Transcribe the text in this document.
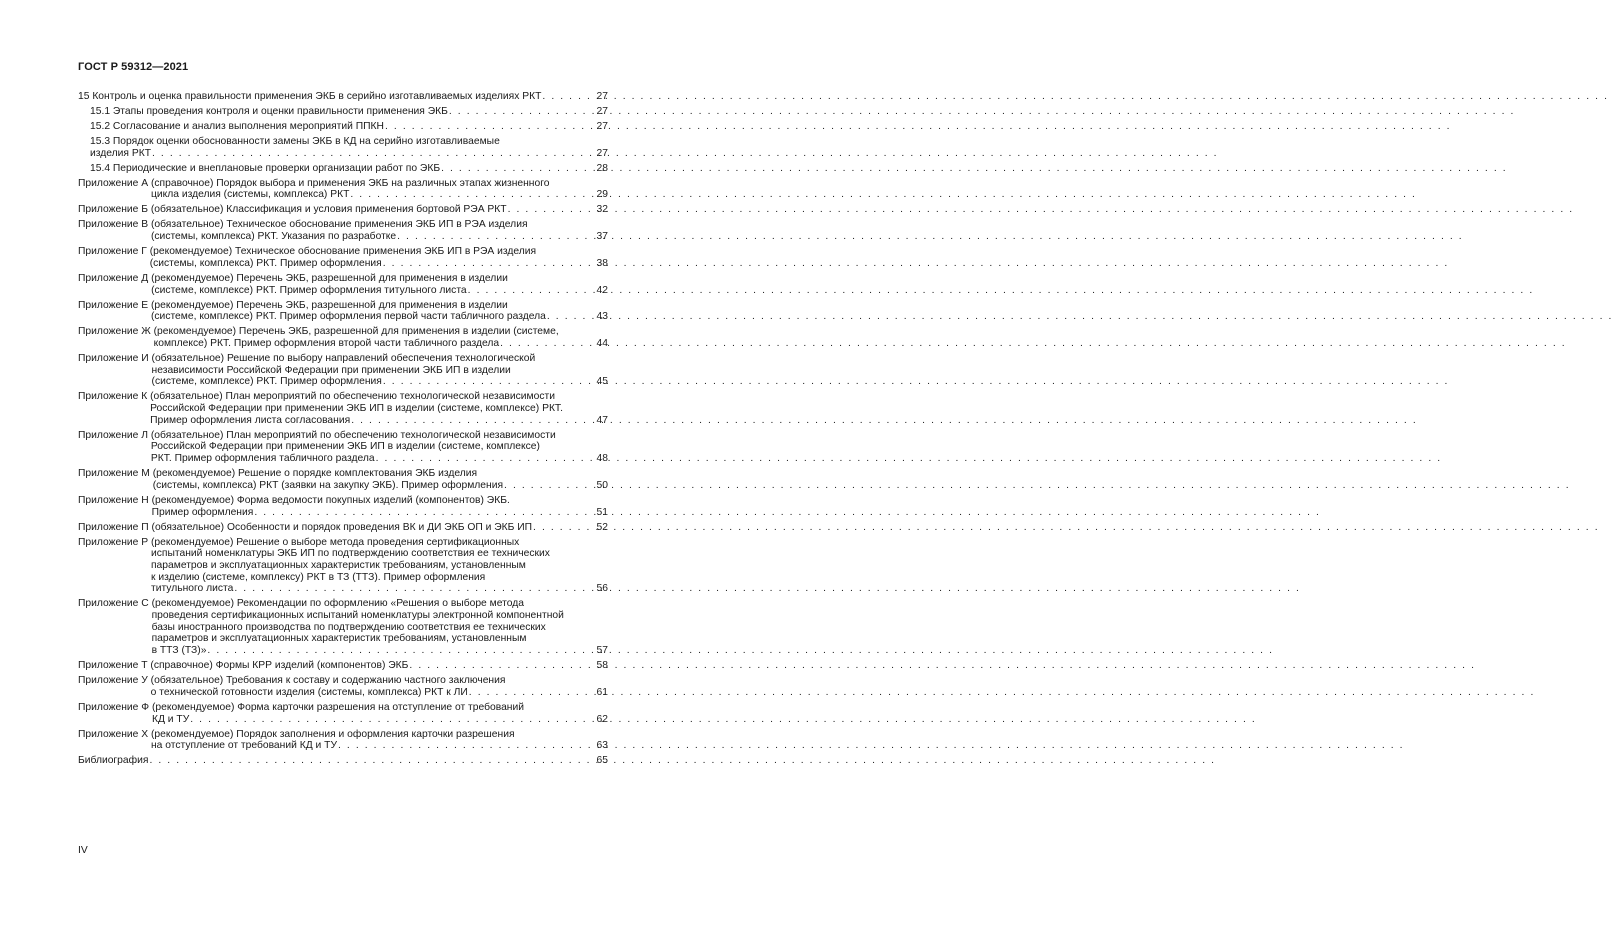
ГОСТ Р 59312—2021
15 Контроль и оценка правильности применения ЭКБ в серийно изготавливаемых изделиях РКТ . . .	27
15.1 Этапы проведения контроля и оценки правильности применения ЭКБ . . .	27
15.2 Согласование и анализ выполнения мероприятий ППКН . . .	27
15.3 Порядок оценки обоснованности замены ЭКБ в КД на серийно изготавливаемые
изделия РКТ . . .	27
15.4 Периодические и внеплановые проверки организации работ по ЭКБ . . .	28
Приложение А (справочное) Порядок выбора и применения ЭКБ на различных этапах жизненного
цикла изделия (системы, комплекса) РКТ . . .	29
Приложение Б (обязательное) Классификация и условия применения бортовой РЭА РКТ . . .	32
Приложение В (обязательное) Техническое обоснование применения ЭКБ ИП в РЭА изделия
(системы, комплекса) РКТ. Указания по разработке . . .	37
Приложение Г (рекомендуемое) Техническое обоснование применения ЭКБ ИП в РЭА изделия
(системы, комплекса) РКТ. Пример оформления . . .	38
Приложение Д (рекомендуемое) Перечень ЭКБ, разрешенной для применения в изделии
(системе, комплексе) РКТ. Пример оформления титульного листа . . .	42
Приложение Е (рекомендуемое) Перечень ЭКБ, разрешенной для применения в изделии
(системе, комплексе) РКТ. Пример оформления первой части табличного раздела . . .	43
Приложение Ж (рекомендуемое) Перечень ЭКБ, разрешенной для применения в изделии (системе,
комплексе) РКТ. Пример оформления второй части табличного раздела . . .	44
Приложение И (обязательное) Решение по выбору направлений обеспечения технологической
независимости Российской Федерации при применении ЭКБ ИП в изделии
(системе, комплексе) РКТ. Пример оформления . . .	45
Приложение К (обязательное) План мероприятий по обеспечению технологической независимости
Российской Федерации при применении ЭКБ ИП в изделии (системе, комплексе) РКТ.
Пример оформления листа согласования . . .	47
Приложение Л (обязательное) План мероприятий по обеспечению технологической независимости
Российской Федерации при применении ЭКБ ИП в изделии (системе, комплексе)
РКТ. Пример оформления табличного раздела . . .	48
Приложение М (рекомендуемое) Решение о порядке комплектования ЭКБ изделия
(системы, комплекса) РКТ (заявки на закупку ЭКБ). Пример оформления . . .	50
Приложение Н (рекомендуемое) Форма ведомости покупных изделий (компонентов) ЭКБ.
Пример оформления . . .	51
Приложение П (обязательное) Особенности и порядок проведения ВК и ДИ ЭКБ ОП и ЭКБ ИП . . .	52
Приложение Р (рекомендуемое) Решение о выборе метода проведения сертификационных
испытаний номенклатуры ЭКБ ИП по подтверждению соответствия ее технических
параметров и эксплуатационных характеристик требованиям, установленным
к изделию (системе, комплексу) РКТ в ТЗ (ТТЗ). Пример оформления
титульного листа . . .	56
Приложение С (рекомендуемое) Рекомендации по оформлению «Решения о выборе метода
проведения сертификационных испытаний номенклатуры электронной компонентной
базы иностранного производства по подтверждению соответствия ее технических
параметров и эксплуатационных характеристик требованиям, установленным
в ТТЗ (ТЗ)» . . .	57
Приложение Т (справочное) Формы КРР изделий (компонентов) ЭКБ . . .	58
Приложение У (обязательное) Требования к составу и содержанию частного заключения
о технической готовности изделия (системы, комплекса) РКТ к ЛИ . . .	61
Приложение Ф (рекомендуемое) Форма карточки разрешения на отступление от требований
КД и ТУ . . .	62
Приложение Х (рекомендуемое) Порядок заполнения и оформления карточки разрешения
на отступление от требований КД и ТУ . . .	63
Библиография . . .	65
IV
